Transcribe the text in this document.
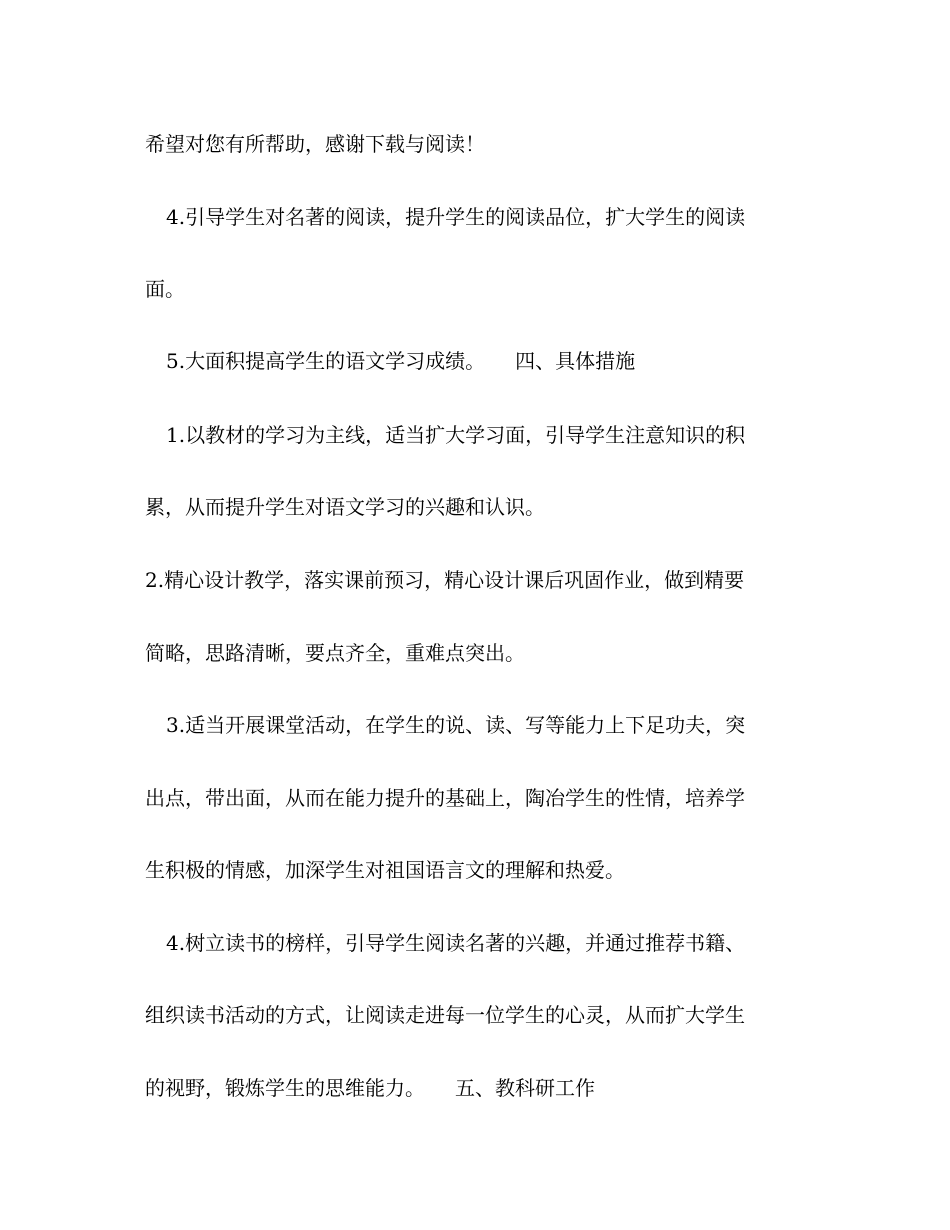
希望对您有所帮助，感谢下载与阅读！
4.引导学生对名著的阅读，提升学生的阅读品位，扩大学生的阅读
面。
5.大面积提高学生的语文学习成绩。　　四、具体措施
1.以教材的学习为主线，适当扩大学习面，引导学生注意知识的积
累，从而提升学生对语文学习的兴趣和认识。
2.精心设计教学，落实课前预习，精心设计课后巩固作业，做到精要
简略，思路清晰，要点齐全，重难点突出。
3.适当开展课堂活动，在学生的说、读、写等能力上下足功夫，突
出点，带出面，从而在能力提升的基础上，陶冶学生的性情，培养学
生积极的情感，加深学生对祖国语言文的理解和热爱。
4.树立读书的榜样，引导学生阅读名著的兴趣，并通过推荐书籍、
组织读书活动的方式，让阅读走进每一位学生的心灵，从而扩大学生
的视野，锻炼学生的思维能力。　　五、教科研工作
